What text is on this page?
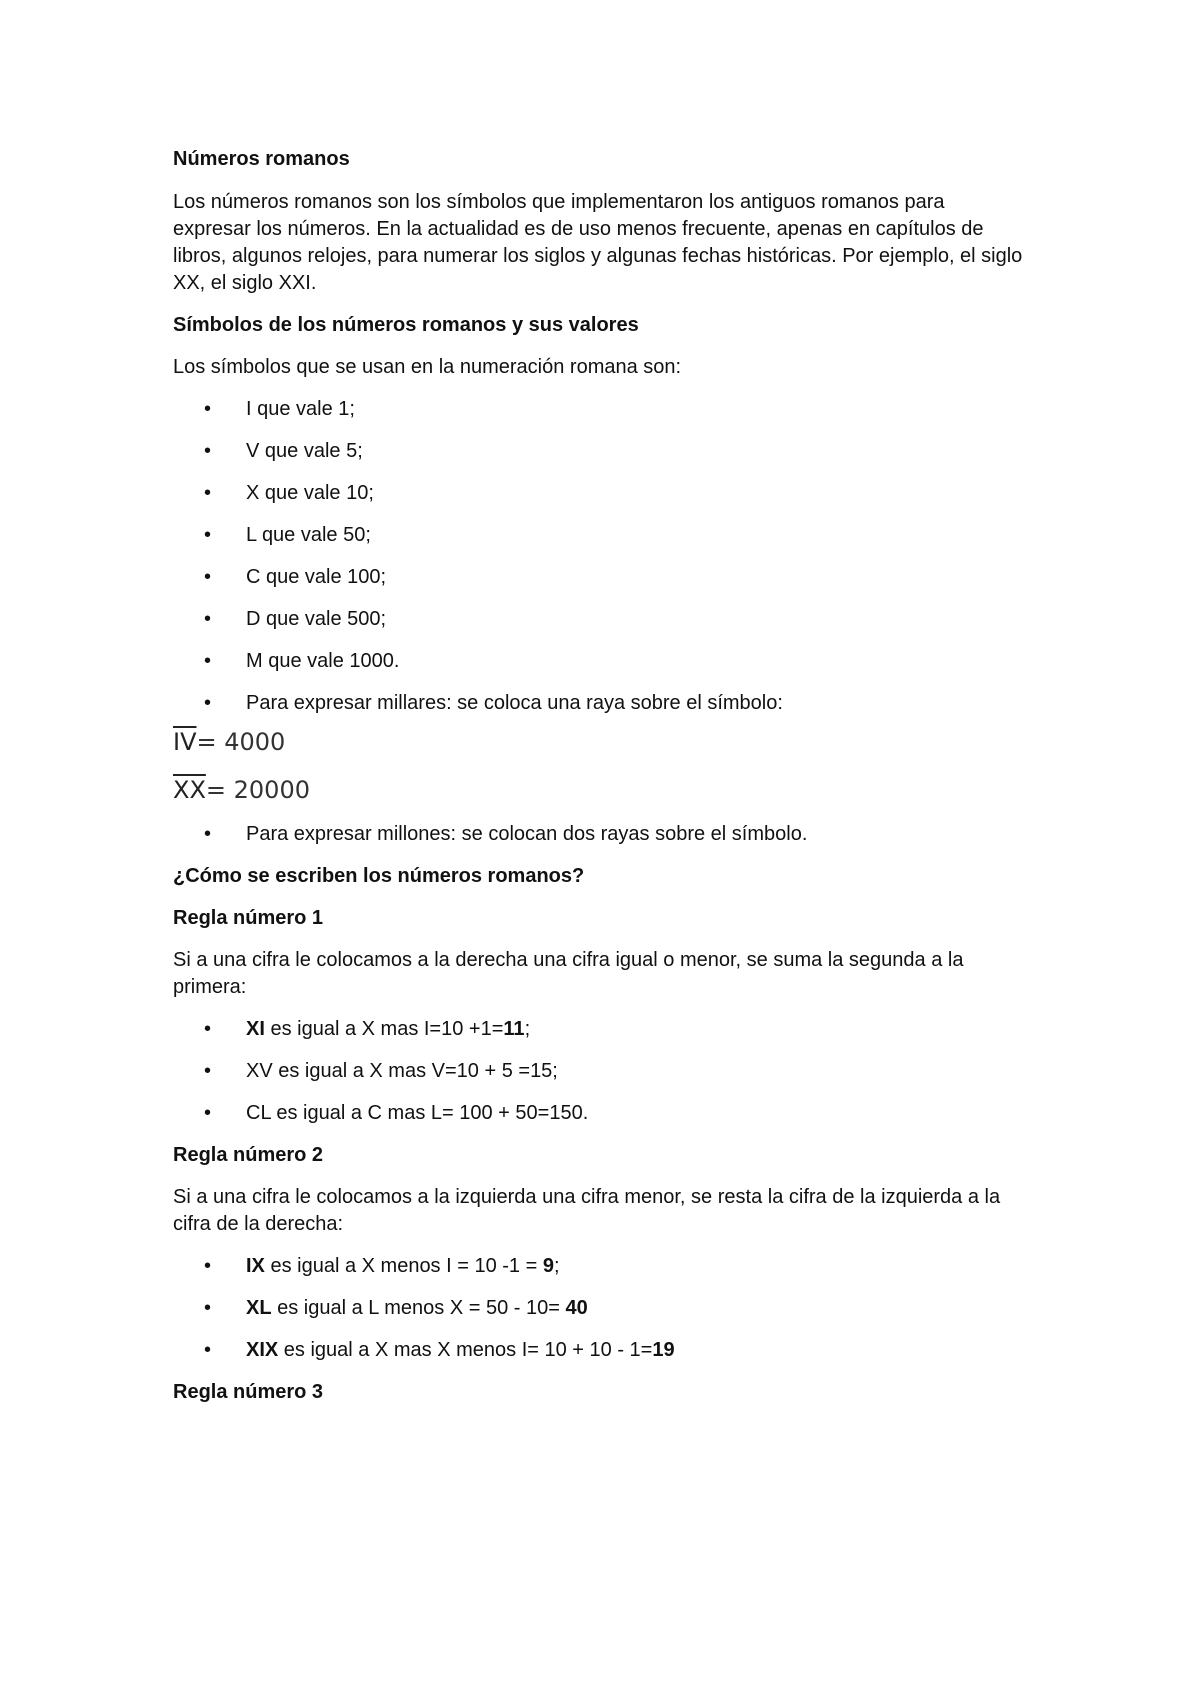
Números romanos
Los números romanos son los símbolos que implementaron los antiguos romanos para
expresar los números. En la actualidad es de uso menos frecuente, apenas en capítulos de
libros, algunos relojes, para numerar los siglos y algunas fechas históricas. Por ejemplo, el siglo
XX, el siglo XXI.
Símbolos de los números romanos y sus valores
Los símbolos que se usan en la numeración romana son:
• I que vale 1;
• V que vale 5;
• X que vale 10;
• L que vale 50;
• C que vale 100;
• D que vale 500;
• M que vale 1000.
• Para expresar millares: se coloca una raya sobre el símbolo:
$\overline{IV}= 4000$
$\overline{XX}= 20000$
• Para expresar millones: se colocan dos rayas sobre el símbolo.
¿Cómo se escriben los números romanos?
Regla número 1
Si a una cifra le colocamos a la derecha una cifra igual o menor, se suma la segunda a la
primera:
• XI es igual a X mas I=10 +1=11;
• XV es igual a X mas V=10 + 5 =15;
• CL es igual a C mas L= 100 + 50=150.
Regla número 2
Si a una cifra le colocamos a la izquierda una cifra menor, se resta la cifra de la izquierda a la
cifra de la derecha:
• IX es igual a X menos I = 10 -1 = 9;
• XL es igual a L menos X = 50 - 10= 40
• XIX es igual a X mas X menos I= 10 + 10 - 1=19
Regla número 3
